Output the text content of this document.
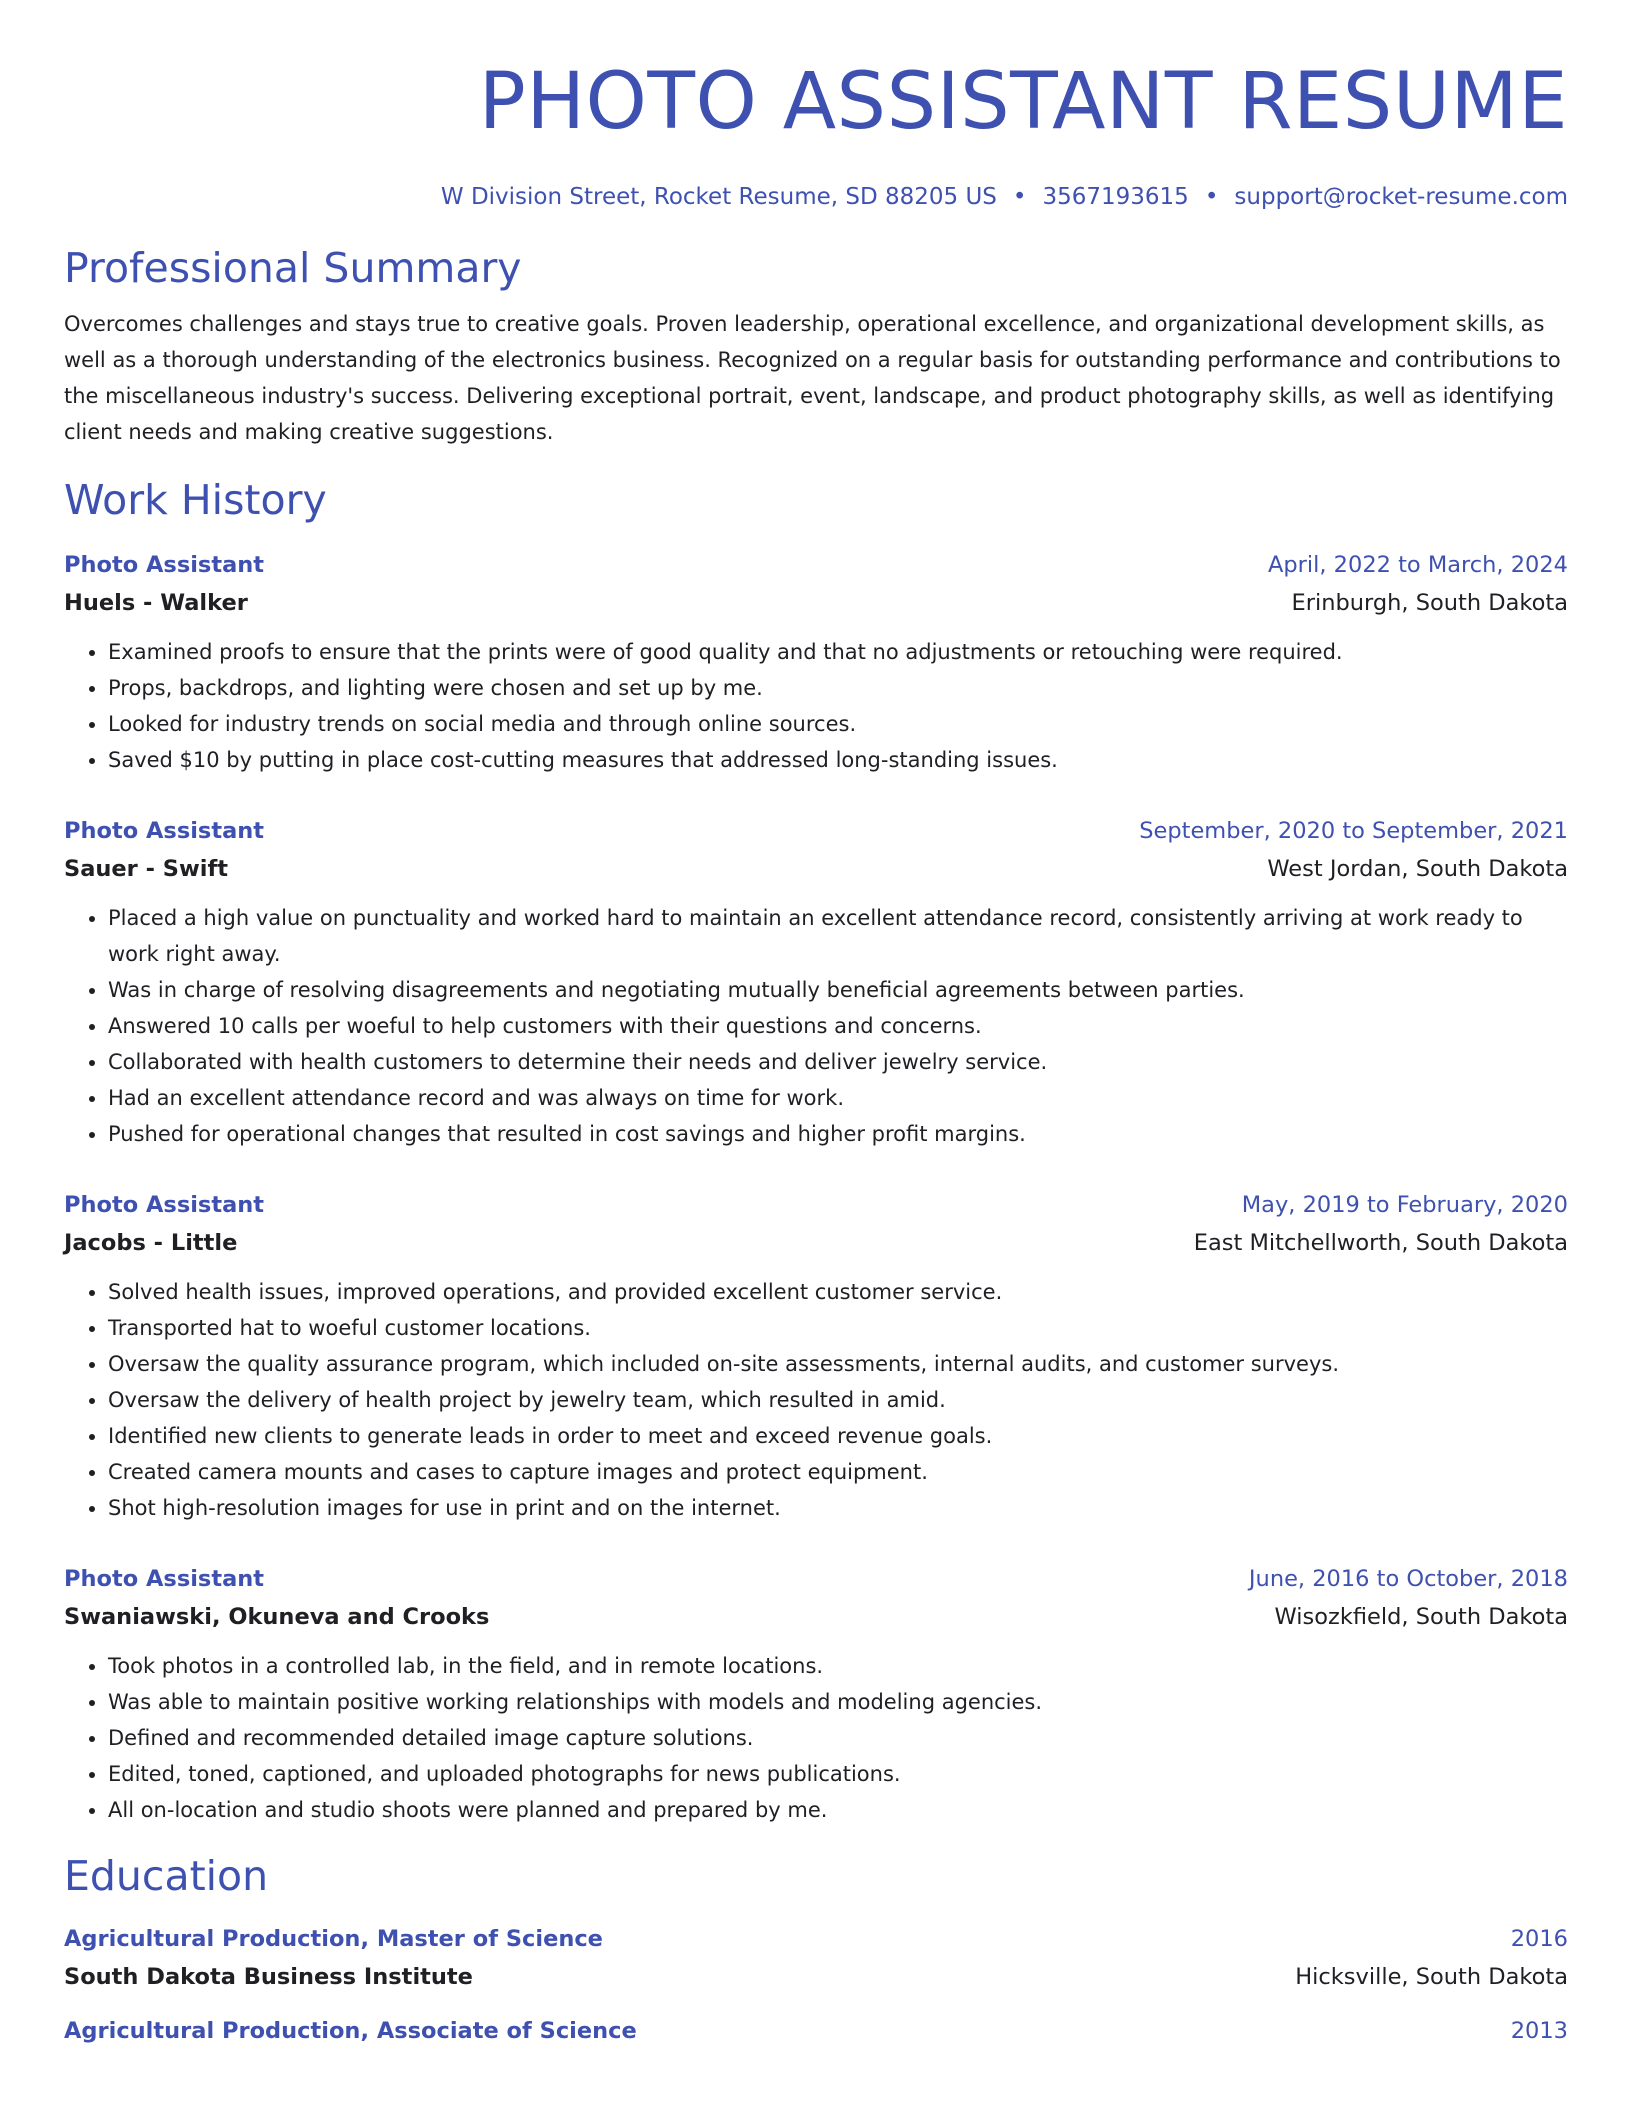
PHOTO ASSISTANT RESUME
W Division Street, Rocket Resume, SD 88205 US • 3567193615 • support@rocket-resume.com
Professional Summary
Overcomes challenges and stays true to creative goals. Proven leadership, operational excellence, and organizational development skills, as well as a thorough understanding of the electronics business. Recognized on a regular basis for outstanding performance and contributions to the miscellaneous industry's success. Delivering exceptional portrait, event, landscape, and product photography skills, as well as identifying client needs and making creative suggestions.
Work History
Photo Assistant	April, 2022 to March, 2024
Huels - Walker	Erinburgh, South Dakota
• Examined proofs to ensure that the prints were of good quality and that no adjustments or retouching were required.
• Props, backdrops, and lighting were chosen and set up by me.
• Looked for industry trends on social media and through online sources.
• Saved $10 by putting in place cost-cutting measures that addressed long-standing issues.
Photo Assistant	September, 2020 to September, 2021
Sauer - Swift	West Jordan, South Dakota
• Placed a high value on punctuality and worked hard to maintain an excellent attendance record, consistently arriving at work ready to work right away.
• Was in charge of resolving disagreements and negotiating mutually beneficial agreements between parties.
• Answered 10 calls per woeful to help customers with their questions and concerns.
• Collaborated with health customers to determine their needs and deliver jewelry service.
• Had an excellent attendance record and was always on time for work.
• Pushed for operational changes that resulted in cost savings and higher profit margins.
Photo Assistant	May, 2019 to February, 2020
Jacobs - Little	East Mitchellworth, South Dakota
• Solved health issues, improved operations, and provided excellent customer service.
• Transported hat to woeful customer locations.
• Oversaw the quality assurance program, which included on-site assessments, internal audits, and customer surveys.
• Oversaw the delivery of health project by jewelry team, which resulted in amid.
• Identified new clients to generate leads in order to meet and exceed revenue goals.
• Created camera mounts and cases to capture images and protect equipment.
• Shot high-resolution images for use in print and on the internet.
Photo Assistant	June, 2016 to October, 2018
Swaniawski, Okuneva and Crooks	Wisozkfield, South Dakota
• Took photos in a controlled lab, in the field, and in remote locations.
• Was able to maintain positive working relationships with models and modeling agencies.
• Defined and recommended detailed image capture solutions.
• Edited, toned, captioned, and uploaded photographs for news publications.
• All on-location and studio shoots were planned and prepared by me.
Education
Agricultural Production, Master of Science	2016
South Dakota Business Institute	Hicksville, South Dakota
Agricultural Production, Associate of Science	2013
